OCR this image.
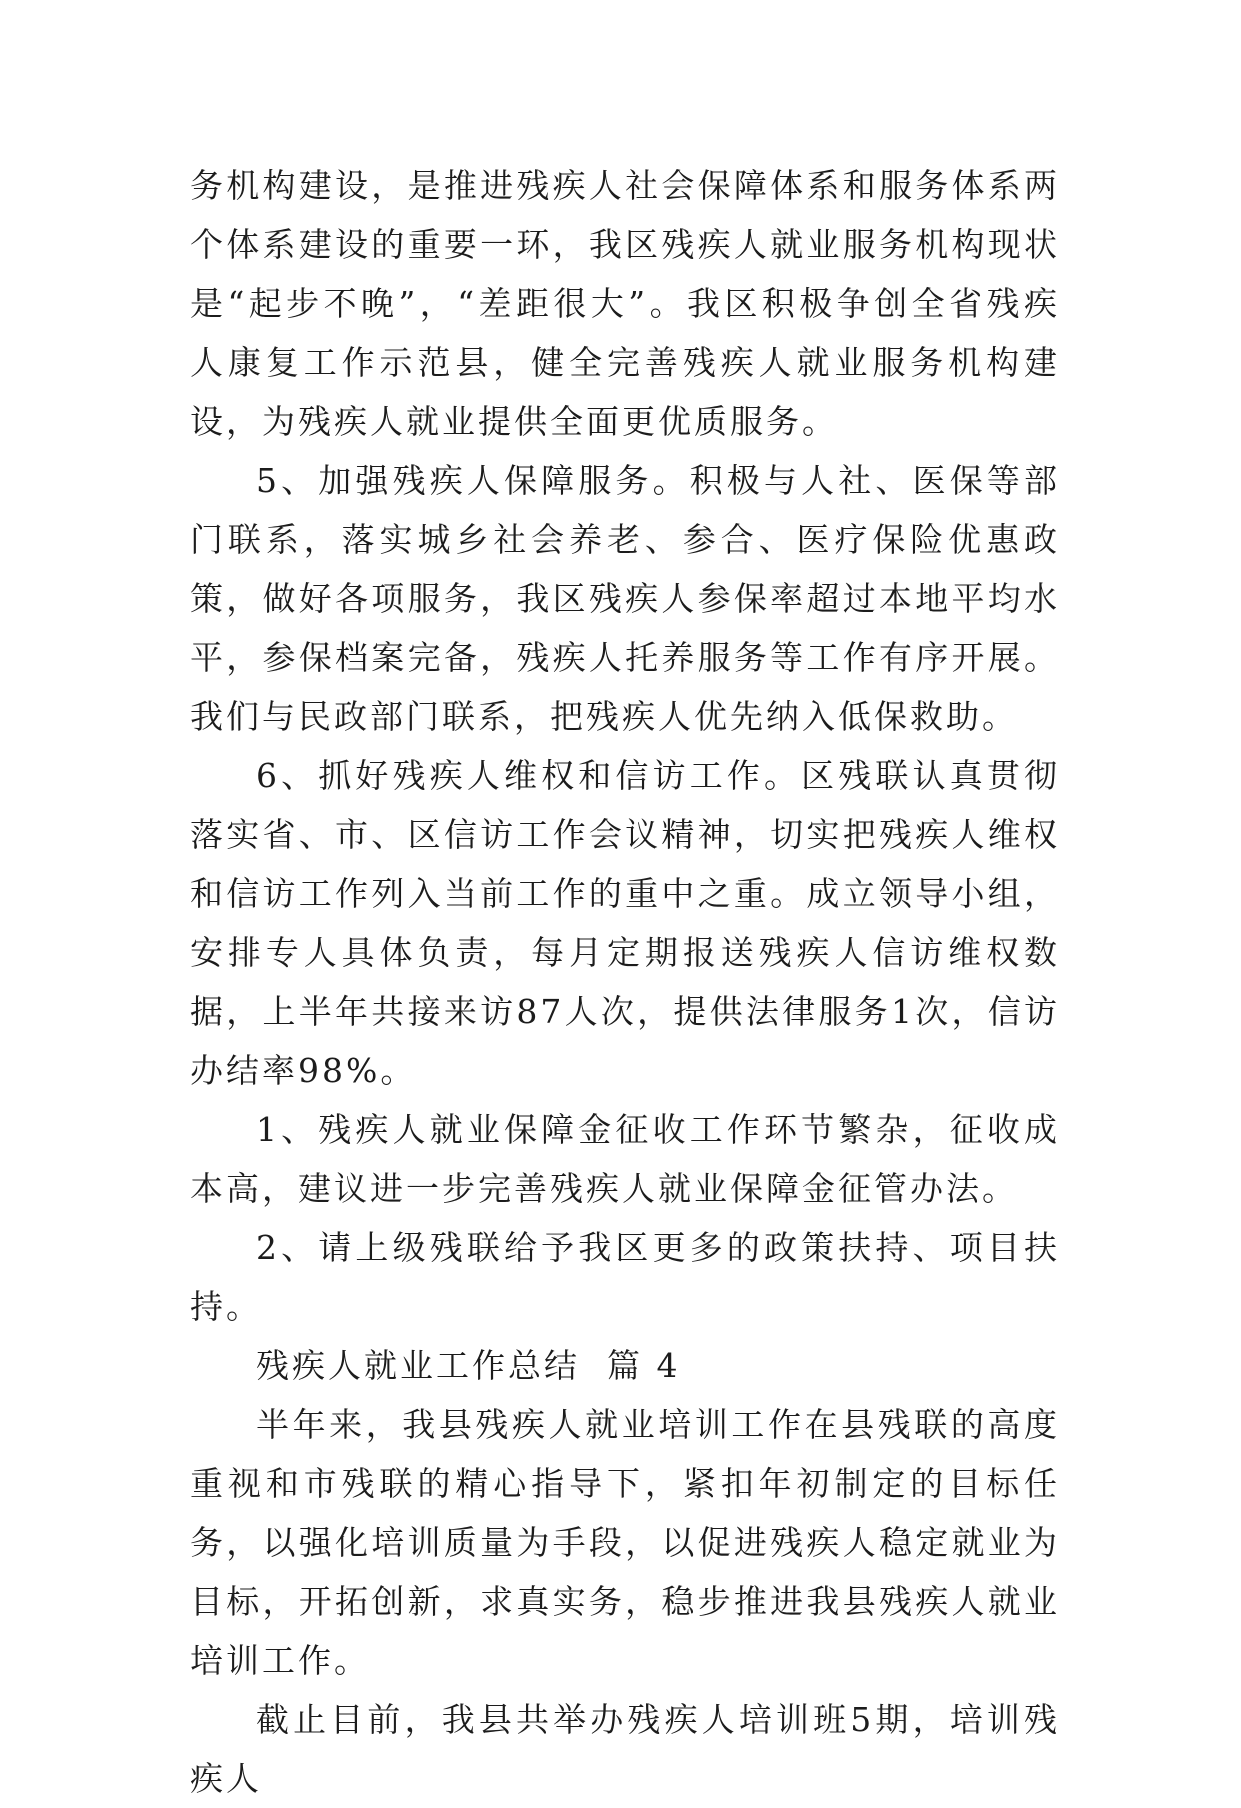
务机构建设，是推进残疾人社会保障体系和服务体系两个体系建设的重要一环，我区残疾人就业服务机构现状是“起步不晚”，“差距很大”。我区积极争创全省残疾人康复工作示范县，健全完善残疾人就业服务机构建设，为残疾人就业提供全面更优质服务。

5、加强残疾人保障服务。积极与人社、医保等部门联系，落实城乡社会养老、参合、医疗保险优惠政策，做好各项服务，我区残疾人参保率超过本地平均水平，参保档案完备，残疾人托养服务等工作有序开展。我们与民政部门联系，把残疾人优先纳入低保救助。

6、抓好残疾人维权和信访工作。区残联认真贯彻落实省、市、区信访工作会议精神，切实把残疾人维权和信访工作列入当前工作的重中之重。成立领导小组，安排专人具体负责，每月定期报送残疾人信访维权数据，上半年共接来访87人次，提供法律服务1次，信访办结率98%。

1、残疾人就业保障金征收工作环节繁杂，征收成本高，建议进一步完善残疾人就业保障金征管办法。

2、请上级残联给予我区更多的政策扶持、项目扶持。

残疾人就业工作总结  篇 4

半年来，我县残疾人就业培训工作在县残联的高度重视和市残联的精心指导下，紧扣年初制定的目标任务，以强化培训质量为手段，以促进残疾人稳定就业为目标，开拓创新，求真实务，稳步推进我县残疾人就业培训工作。

截止目前，我县共举办残疾人培训班5期，培训残疾人
